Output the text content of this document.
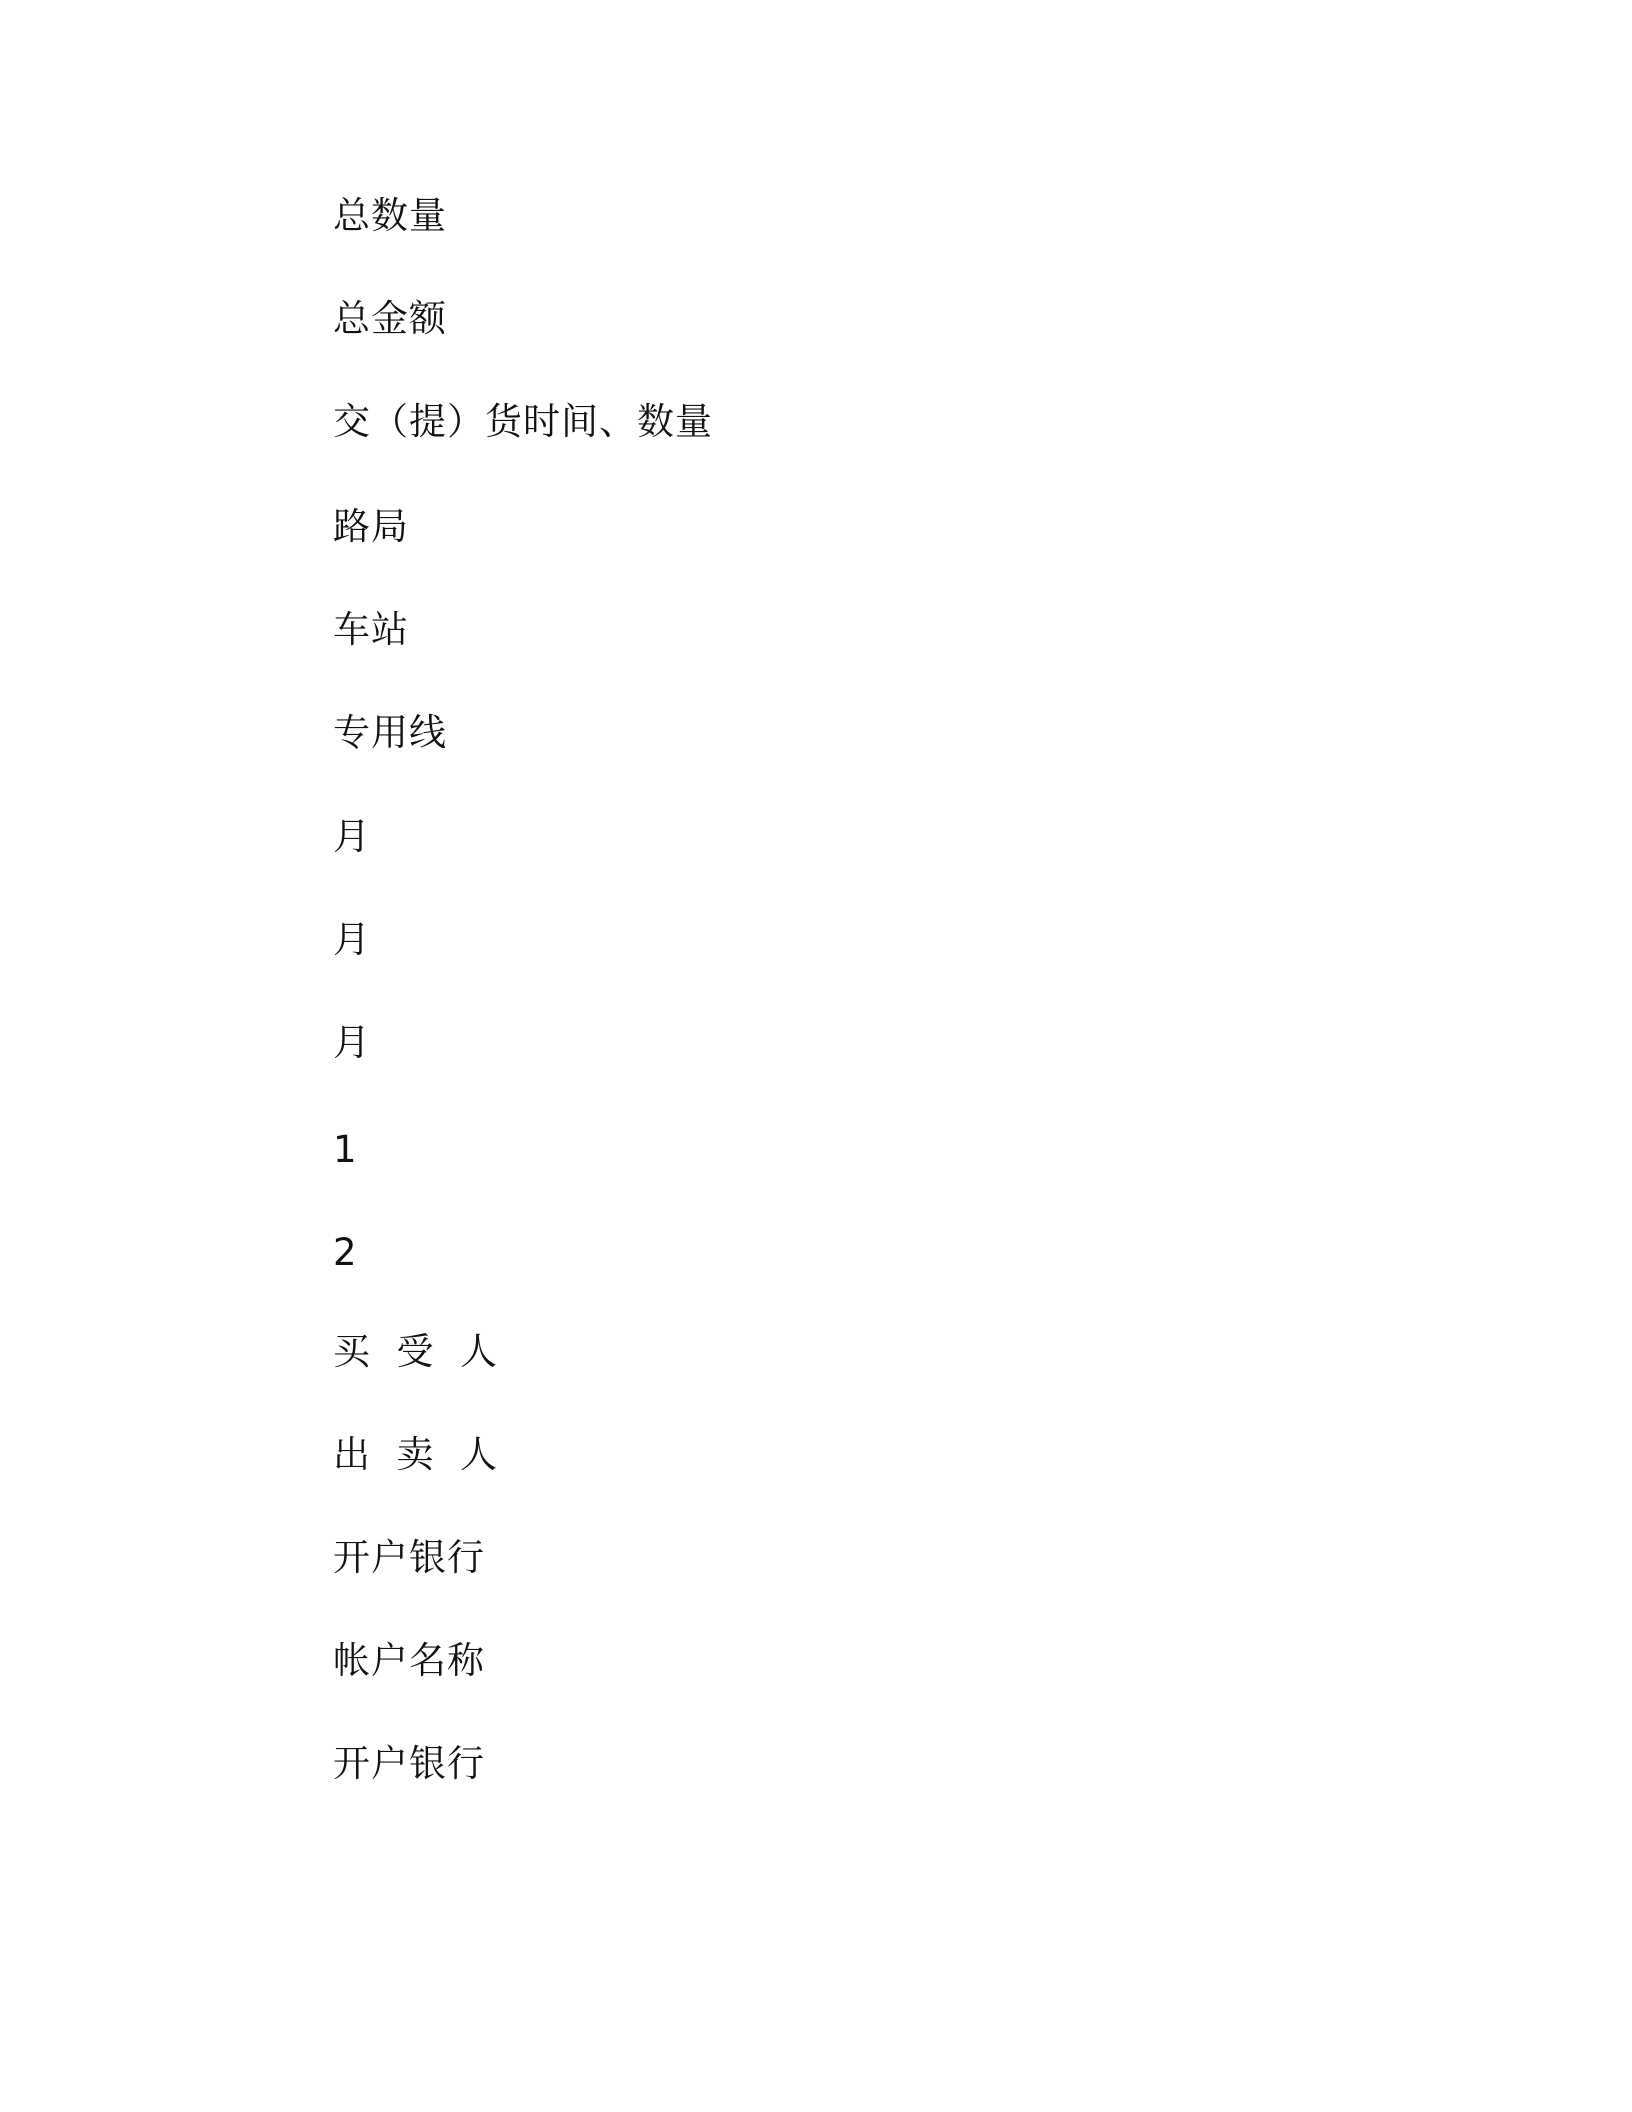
总数量
总金额
交（提）货时间、数量
路局
车站
专用线
月
月
月
1
2
买  受  人
出  卖  人
开户银行
帐户名称
开户银行
